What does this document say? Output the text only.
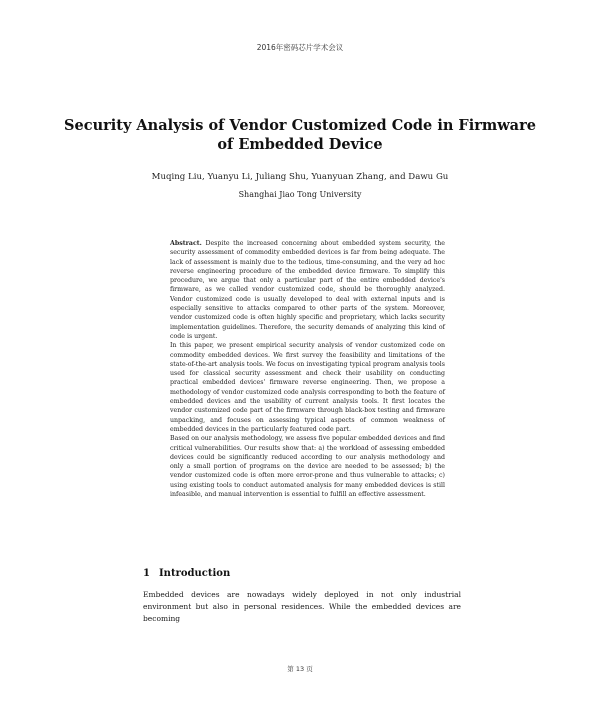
2016年密码芯片学术会议
Security Analysis of Vendor Customized Code in Firmware of Embedded Device
Muqing Liu, Yuanyu Li, Juliang Shu, Yuanyuan Zhang, and Dawu Gu
Shanghai Jiao Tong University

Abstract. Despite the increased concerning about embedded system security, the security assessment of commodity embedded devices is far from being adequate. The lack of assessment is mainly due to the tedious, time-consuming, and the very ad hoc reverse engineering procedure of the embedded device firmware. To simplify this procedure, we argue that only a particular part of the entire embedded device's firmware, as we called vendor customized code, should be thoroughly analyzed. Vendor customized code is usually developed to deal with external inputs and is especially sensitive to attacks compared to other parts of the system. Moreover, vendor customized code is often highly specific and proprietary, which lacks security implementation guidelines. Therefore, the security demands of analyzing this kind of code is urgent.

In this paper, we present empirical security analysis of vendor customized code on commodity embedded devices. We first survey the feasibility and limitations of the state-of-the-art analysis tools. We focus on investigating typical program analysis tools used for classical security assessment and check their usability on conducting practical embedded devices' firmware reverse engineering. Then, we propose a methodology of vendor customized code analysis corresponding to both the feature of embedded devices and the usability of current analysis tools. It first locates the vendor customized code part of the firmware through black-box testing and firmware unpacking, and focuses on assessing typical aspects of common weakness of embedded devices in the particularly featured code part.

Based on our analysis methodology, we assess five popular embedded devices and find critical vulnerabilities. Our results show that: a) the workload of assessing embedded devices could be significantly reduced according to our analysis methodology and only a small portion of programs on the device are needed to be assessed; b) the vendor customized code is often more error-prone and thus vulnerable to attacks; c) using existing tools to conduct automated analysis for many embedded devices is still infeasible, and manual intervention is essential to fulfill an effective assessment.

1 Introduction

Embedded devices are nowadays widely deployed in not only industrial environment but also in personal residences. While the embedded devices are becoming

第 13 页
